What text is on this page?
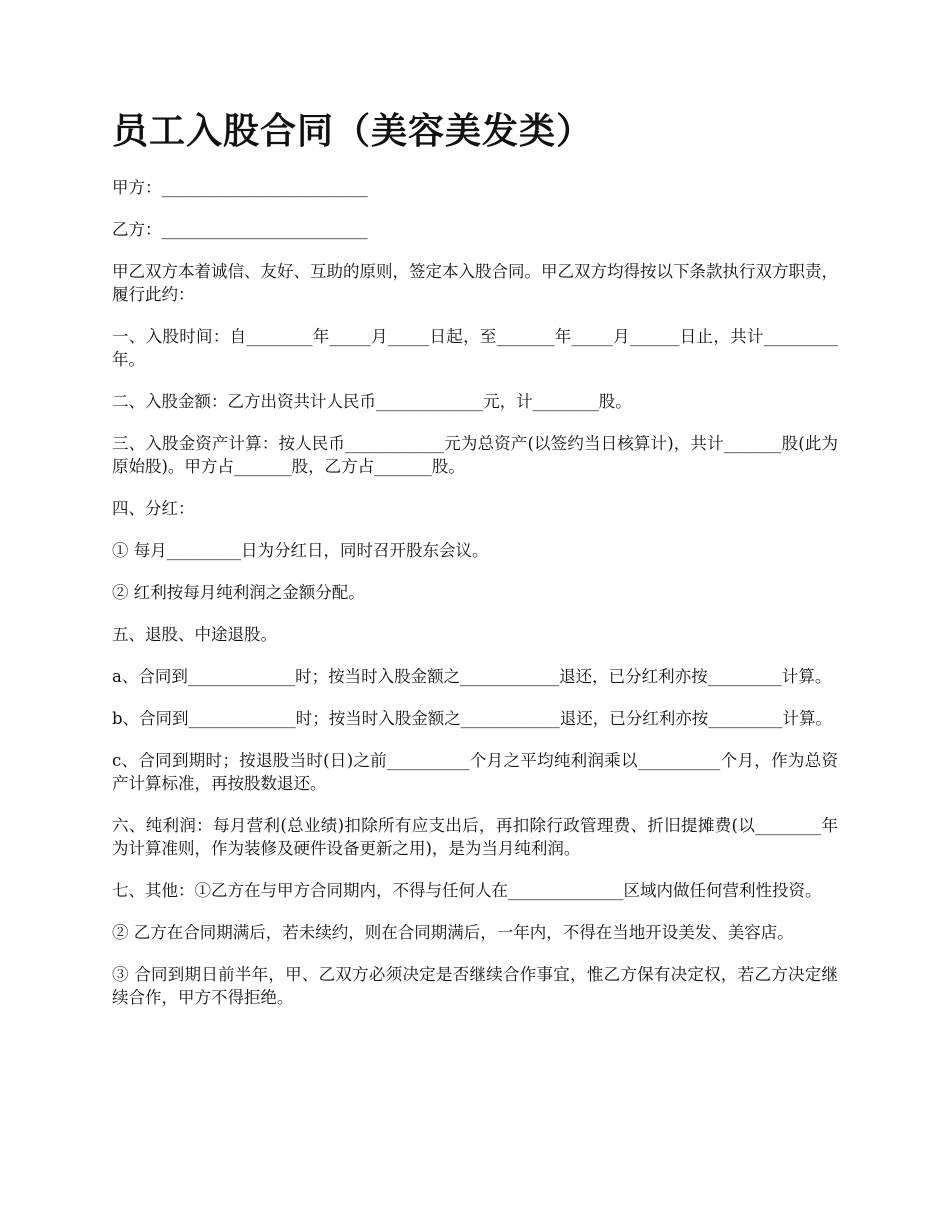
员工入股合同（美容美发类）

甲方：_________________________

乙方：_________________________

甲乙双方本着诚信、友好、互助的原则，签定本入股合同。甲乙双方均得按以下条款执行双方职责，履行此约：

一、入股时间：自________年_____月_____日起，至_______年_____月______日止，共计_________年。

二、入股金额：乙方出资共计人民币_____________元，计________股。

三、入股金资产计算：按人民币____________元为总资产(以签约当日核算计)，共计_______股(此为原始股)。甲方占_______股，乙方占_______股。

四、分红：

① 每月_________日为分红日，同时召开股东会议。

② 红利按每月纯利润之金额分配。

五、退股、中途退股。

a、合同到_____________时；按当时入股金额之____________退还，已分红利亦按_________计算。

b、合同到_____________时；按当时入股金额之____________退还，已分红利亦按_________计算。

c、合同到期时；按退股当时(日)之前__________个月之平均纯利润乘以__________个月，作为总资产计算标准，再按股数退还。

六、纯利润：每月营利(总业绩)扣除所有应支出后，再扣除行政管理费、折旧提摊费(以________年为计算准则，作为装修及硬件设备更新之用)，是为当月纯利润。

七、其他：①乙方在与甲方合同期内，不得与任何人在______________区域内做任何营利性投资。

② 乙方在合同期满后，若未续约，则在合同期满后，一年内，不得在当地开设美发、美容店。

③ 合同到期日前半年，甲、乙双方必须决定是否继续合作事宜，惟乙方保有决定权，若乙方决定继续合作，甲方不得拒绝。
